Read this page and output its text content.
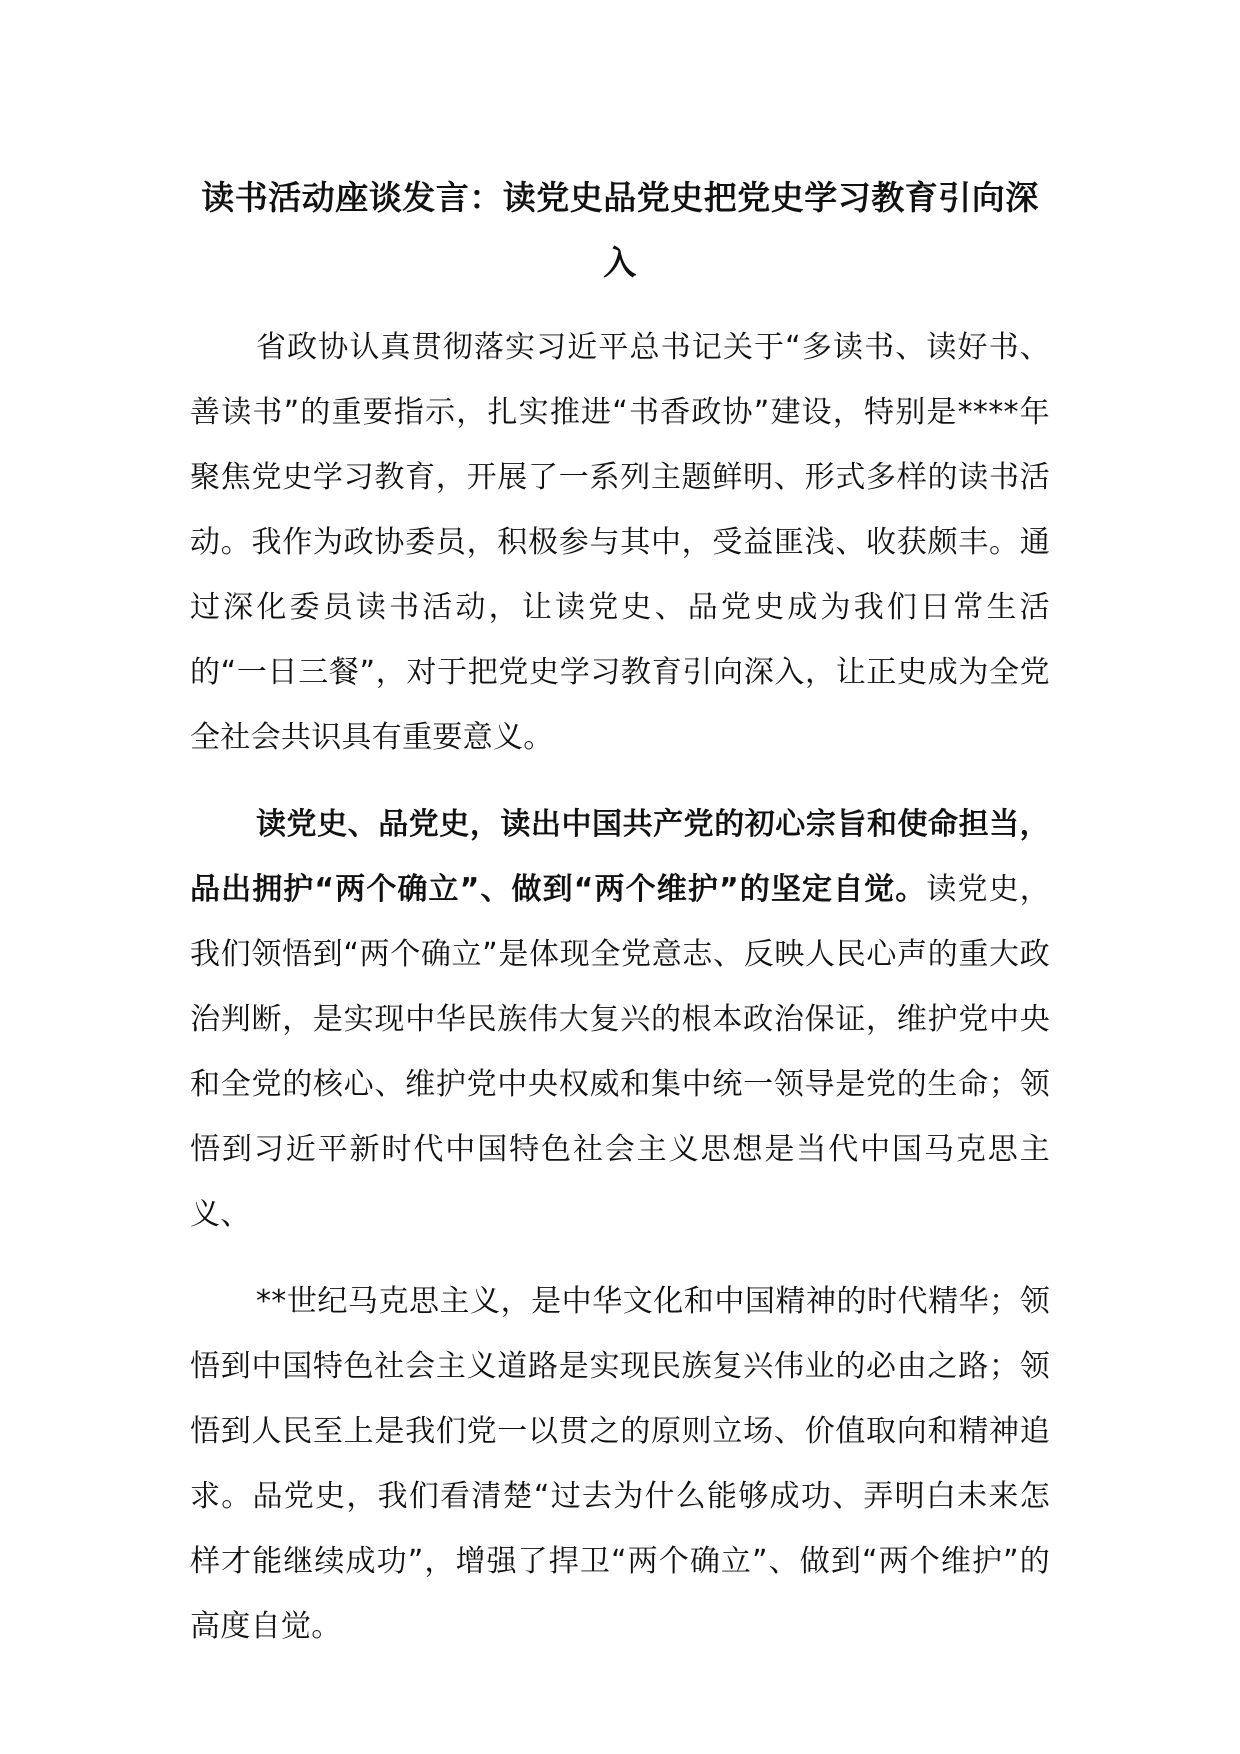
读书活动座谈发言：读党史品党史把党史学习教育引向深入

省政协认真贯彻落实习近平总书记关于“多读书、读好书、善读书”的重要指示，扎实推进“书香政协”建设，特别是****年聚焦党史学习教育，开展了一系列主题鲜明、形式多样的读书活动。我作为政协委员，积极参与其中，受益匪浅、收获颇丰。通过深化委员读书活动，让读党史、品党史成为我们日常生活的“一日三餐”，对于把党史学习教育引向深入，让正史成为全党全社会共识具有重要意义。

读党史、品党史，读出中国共产党的初心宗旨和使命担当，品出拥护“两个确立”、做到“两个维护”的坚定自觉。读党史，我们领悟到“两个确立”是体现全党意志、反映人民心声的重大政治判断，是实现中华民族伟大复兴的根本政治保证，维护党中央和全党的核心、维护党中央权威和集中统一领导是党的生命；领悟到习近平新时代中国特色社会主义思想是当代中国马克思主义、

**世纪马克思主义，是中华文化和中国精神的时代精华；领悟到中国特色社会主义道路是实现民族复兴伟业的必由之路；领悟到人民至上是我们党一以贯之的原则立场、价值取向和精神追求。品党史，我们看清楚“过去为什么能够成功、弄明白未来怎样才能继续成功”，增强了捍卫“两个确立”、做到“两个维护”的高度自觉。
